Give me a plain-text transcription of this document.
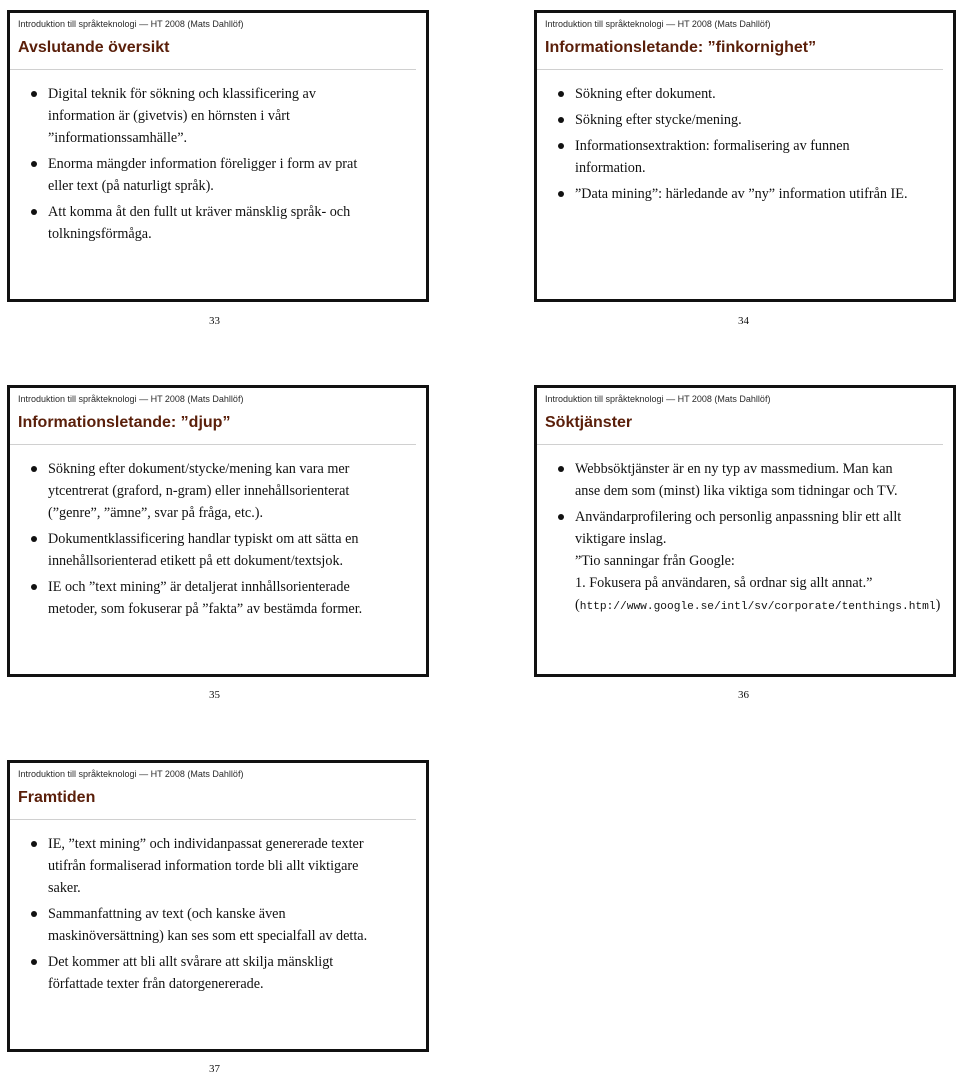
Introduktion till språkteknologi — HT 2008 (Mats Dahllöf)
Avslutande översikt
Digital teknik för sökning och klassificering av
information är (givetvis) en hörnsten i vårt
”informationssamhälle”.
Enorma mängder information föreligger i form av prat
eller text (på naturligt språk).
Att komma åt den fullt ut kräver mänsklig språk- och
tolkningsförmåga.
33
Introduktion till språkteknologi — HT 2008 (Mats Dahllöf)
Informationsletande: ”finkornighet”
Sökning efter dokument.
Sökning efter stycke/mening.
Informationsextraktion: formalisering av funnen
information.
”Data mining”: härledande av ”ny” information utifrån IE.
34
Introduktion till språkteknologi — HT 2008 (Mats Dahllöf)
Informationsletande: ”djup”
Sökning efter dokument/stycke/mening kan vara mer
ytcentrerat (graford, n-gram) eller innehållsorienterat
(”genre”, ”ämne”, svar på fråga, etc.).
Dokumentklassificering handlar typiskt om att sätta en
innehållsorienterad etikett på ett dokument/textsjok.
IE och ”text mining” är detaljerat innhållsorienterade
metoder, som fokuserar på ”fakta” av bestämda former.
35
Introduktion till språkteknologi — HT 2008 (Mats Dahllöf)
Söktjänster
Webbsöktjänster är en ny typ av massmedium. Man kan
anse dem som (minst) lika viktiga som tidningar och TV.
Användarprofilering och personlig anpassning blir ett allt
viktigare inslag.
”Tio sanningar från Google:
1. Fokusera på användaren, så ordnar sig allt annat.”
(http://www.google.se/intl/sv/corporate/tenthings.html)
36
Introduktion till språkteknologi — HT 2008 (Mats Dahllöf)
Framtiden
IE, ”text mining” och individanpassat genererade texter
utifrån formaliserad information torde bli allt viktigare
saker.
Sammanfattning av text (och kanske även
maskinöversättning) kan ses som ett specialfall av detta.
Det kommer att bli allt svårare att skilja mänskligt
författade texter från datorgenererade.
37
